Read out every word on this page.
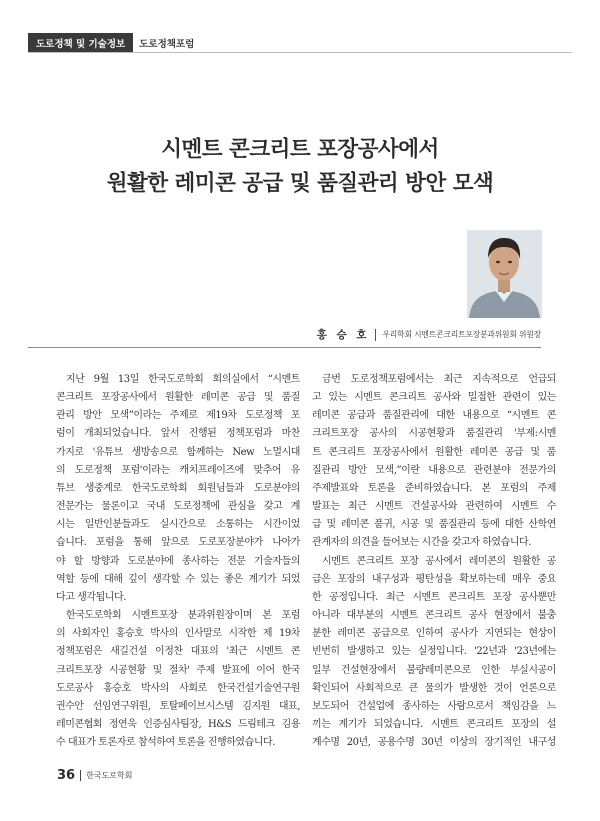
도로정책 및 기술정보	도로정책포럼
시멘트 콘크리트 포장공사에서
원활한 레미콘 공급 및 품질관리 방안 모색
홍 승 호 우리학회 시멘트콘크리트포장분과위원회 위원장
지난 9월 13일 한국도로학회 회의실에서 “시멘트
콘크리트 포장공사에서 원활한 레미콘 공급 및 품질
관리 방안 모색”이라는 주제로 제19차 도로정책 포
럼이 개최되었습니다. 앞서 진행된 정책포럼과 마찬
가지로 '유튜브 생방송으로 함께하는 New 노멀시대
의 도로정책 포럼'이라는 캐치프레이즈에 맞추어 유
튜브 생중계로 한국도로학회 회원님들과 도로분야의
전문가는 물론이고 국내 도로정책에 관심을 갖고 계
시는 일반인분들과도 실시간으로 소통하는 시간이었
습니다. 포럼을 통해 앞으로 도로포장분야가 나아가
야 할 방향과 도로분야에 종사하는 전문 기술자들의
역할 등에 대해 깊이 생각할 수 있는 좋은 계기가 되었
다고 생각됩니다.
한국도로학회 시멘트포장 분과위원장이며 본 포럼
의 사회자인 홍승호 박사의 인사말로 시작한 제 19차
정책포럼은 새길건설 이정찬 대표의 '최근 시멘트 콘
크리트포장 시공현황 및 절차' 주제 발표에 이어 한국
도로공사 홍승호 박사의 사회로 한국건설기술연구원
권수안 선임연구위원, 토탈페이브시스템 김지원 대표,
레미콘협회 정연욱 인증심사팀장, H&S 드림테크 김용
수 대표가 토론자로 참석하여 토론을 진행하였습니다.
금번 도로정책포럼에서는 최근 지속적으로 언급되
고 있는 시멘트 콘크리트 공사와 밀접한 관련이 있는
레미콘 공급과 품질관리에 대한 내용으로 “시멘트 콘
크리트포장 공사의 시공현황과 품질관리 '부제:시멘
트 콘크리트 포장공사에서 원활한 레미콘 공급 및 품
질관리 방안 모색,”이란 내용으로 관련분야 전문가의
주제발표와 토론을 준비하였습니다. 본 포럼의 주제
발표는 최근 시멘트 건설공사와 관련하여 시멘트 수
급 및 레미콘 품귀, 시공 및 품질관리 등에 대한 산학연
관계자의 의견을 들어보는 시간을 갖고자 하였습니다.
시멘트 콘크리트 포장 공사에서 레미콘의 원활한 공
급은 포장의 내구성과 평탄성을 확보하는데 매우 중요
한 공정입니다. 최근 시멘트 콘크리트 포장 공사뿐만
아니라 대부분의 시멘트 콘크리트 공사 현장에서 불충
분한 레미콘 공급으로 인하여 공사가 지연되는 현상이
빈번히 발생하고 있는 실정입니다. '22년과 '23년에는
일부 건설현장에서 불량레미콘으로 인한 부실시공이
확인되어 사회적으로 큰 물의가 발생한 것이 언론으로
보도되어 건설업에 종사하는 사람으로서 책임감을 느
끼는 계기가 되었습니다. 시멘트 콘크리트 포장의 설
계수명 20년, 공용수명 30년 이상의 장기적인 내구성
36 한국도로학회
